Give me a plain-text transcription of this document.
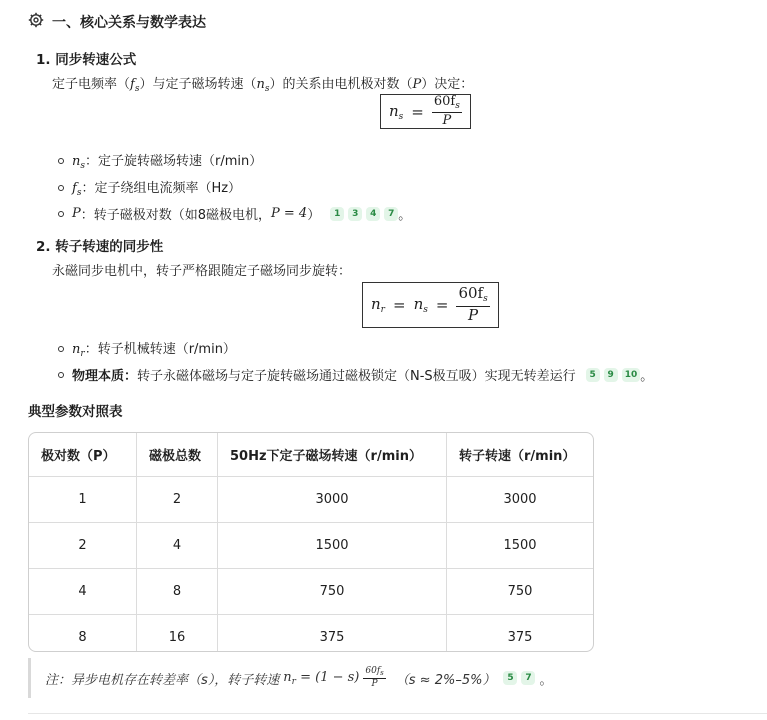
一、核心关系与数学表达
1. 同步转速公式
定子电频率$(f_s)$与定子磁场转速$(n_s)$的关系由电机极对数（P）决定：
$n_s = \frac{60f_s}{P}$
$n_s$：定子旋转磁场转速（r/min）
$f_s$：定子绕组电流频率（Hz）
P ：转子磁极对数（如8磁极电机， P = 4 ）	1	3	4	7 。
2. 转子转速的同步性
永磁同步电机中，转子严格跟随定子磁场同步旋转：
$n_r = n_s = \frac{60f_s}{P}$
$n_r$：转子机械转速（r/min）
物理本质： 转子永磁体磁场与定子旋转磁场通过磁极锁定（N-S极互吸）实现无转差运行	5	9	10 。
典型参数对照表
极对数（P）	磁极总数	50Hz下定子磁场转速（r/min）	转子转速（r/min）
1	2	3000	3000
2	4	1500	1500
4	8	750	750
8	16	375	375
注：异步电机存在转差率（s），转子转速 $n_r = (1 - s) \frac{60f_s}{P} (s \approx 2\%-5\%)$	5	7 。
